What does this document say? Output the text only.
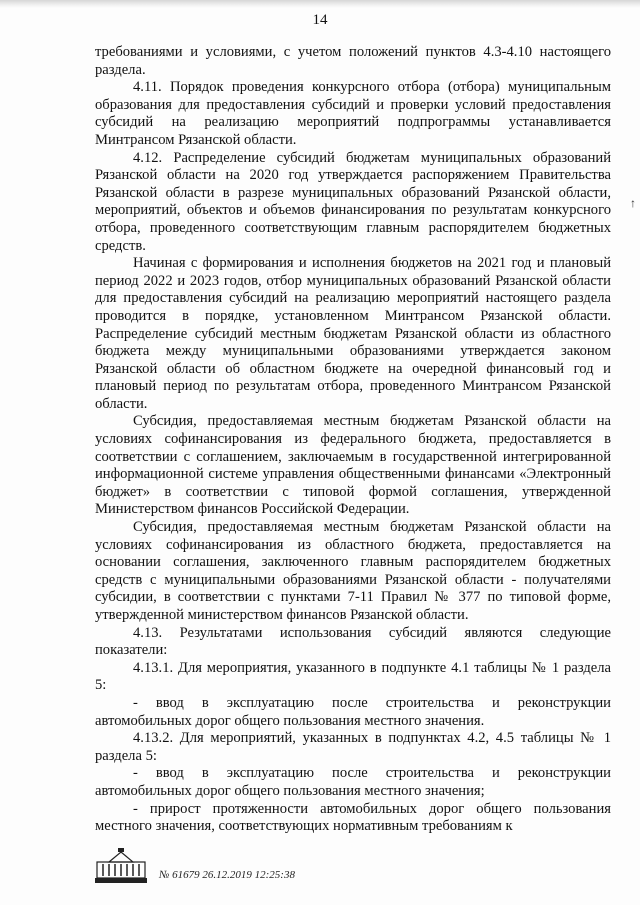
14

требованиями и условиями, с учетом положений пунктов 4.3-4.10 настоящего раздела.

4.11. Порядок проведения конкурсного отбора (отбора) муниципальным образования для предоставления субсидий и проверки условий предоставления субсидий на реализацию мероприятий подпрограммы устанавливается Минтрансом Рязанской области.

4.12. Распределение субсидий бюджетам муниципальных образований Рязанской области на 2020 год утверждается распоряжением Правительства Рязанской области в разрезе муниципальных образований Рязанской области, мероприятий, объектов и объемов финансирования по результатам конкурсного отбора, проведенного соответствующим главным распорядителем бюджетных средств.

Начиная с формирования и исполнения бюджетов на 2021 год и плановый период 2022 и 2023 годов, отбор муниципальных образований Рязанской области для предоставления субсидий на реализацию мероприятий настоящего раздела проводится в порядке, установленном Минтрансом Рязанской области. Распределение субсидий местным бюджетам Рязанской области из областного бюджета между муниципальными образованиями утверждается законом Рязанской области об областном бюджете на очередной финансовый год и плановый период по результатам отбора, проведенного Минтрансом Рязанской области.

Субсидия, предоставляемая местным бюджетам Рязанской области на условиях софинансирования из федерального бюджета, предоставляется в соответствии с соглашением, заключаемым в государственной интегрированной информационной системе управления общественными финансами «Электронный бюджет» в соответствии с типовой формой соглашения, утвержденной Министерством финансов Российской Федерации.

Субсидия, предоставляемая местным бюджетам Рязанской области на условиях софинансирования из областного бюджета, предоставляется на основании соглашения, заключенного главным распорядителем бюджетных средств с муниципальными образованиями Рязанской области - получателями субсидии, в соответствии с пунктами 7-11 Правил № 377 по типовой форме, утвержденной министерством финансов Рязанской области.

4.13. Результатами использования субсидий являются следующие показатели:

4.13.1. Для мероприятия, указанного в подпункте 4.1 таблицы № 1 раздела 5:

- ввод в эксплуатацию после строительства и реконструкции автомобильных дорог общего пользования местного значения.

4.13.2. Для мероприятий, указанных в подпунктах 4.2, 4.5 таблицы № 1 раздела 5:

- ввод в эксплуатацию после строительства и реконструкции автомобильных дорог общего пользования местного значения;

- прирост протяженности автомобильных дорог общего пользования местного значения, соответствующих нормативным требованиям к

↑
№ 61679 26.12.2019 12:25:38
